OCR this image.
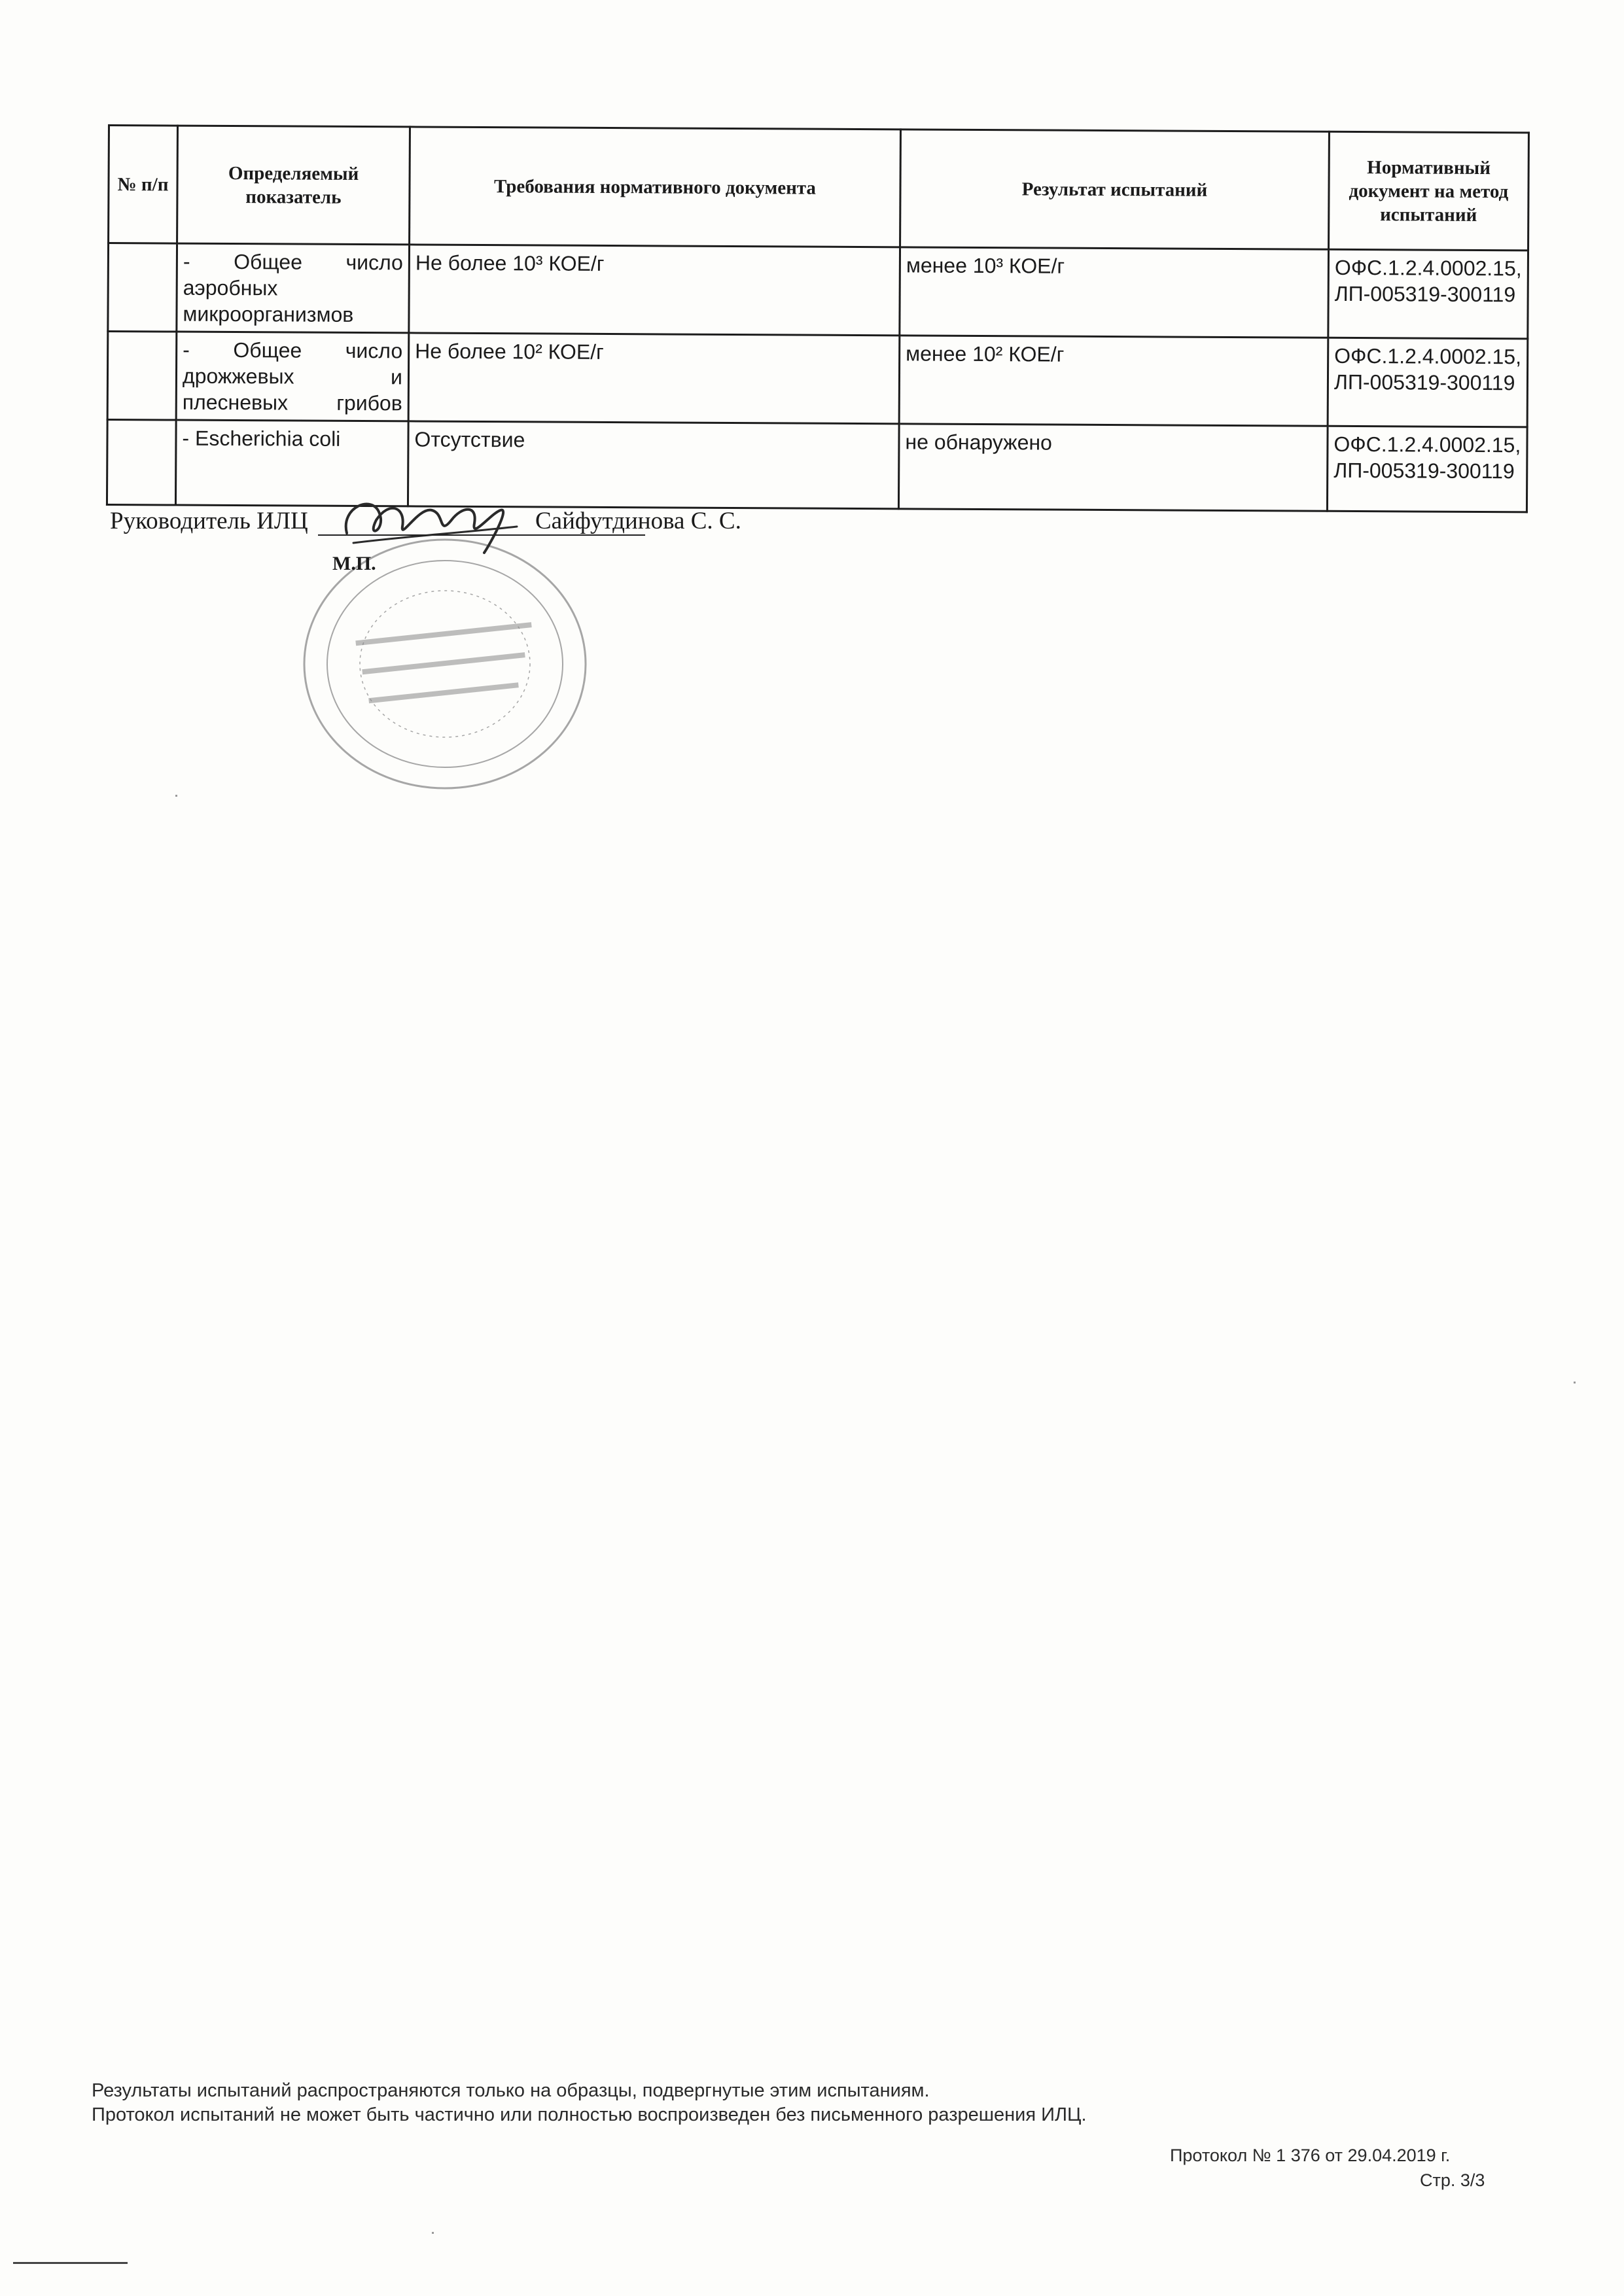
№ п/п	Определяемый показатель	Требования нормативного документа	Результат испытаний	Нормативный документ на метод испытаний
	- Общее число аэробных микроорганизмов	Не более 10³ КОЕ/г	менее 10³ КОЕ/г	ОФС.1.2.4.0002.15, ЛП-005319-300119
	- Общее число дрожжевых и плесневых грибов	Не более 10² КОЕ/г	менее 10² КОЕ/г	ОФС.1.2.4.0002.15, ЛП-005319-300119
	- Escherichia coli	Отсутствие	не обнаружено	ОФС.1.2.4.0002.15, ЛП-005319-300119
Руководитель ИЛЦ	Сайфутдинова С. С.
М.П.
Результаты испытаний распространяются только на образцы, подвергнутые этим испытаниям.
Протокол испытаний не может быть частично или полностью воспроизведен без письменного разрешения ИЛЦ.
Протокол № 1 376 от 29.04.2019 г.
Стр. 3/3
